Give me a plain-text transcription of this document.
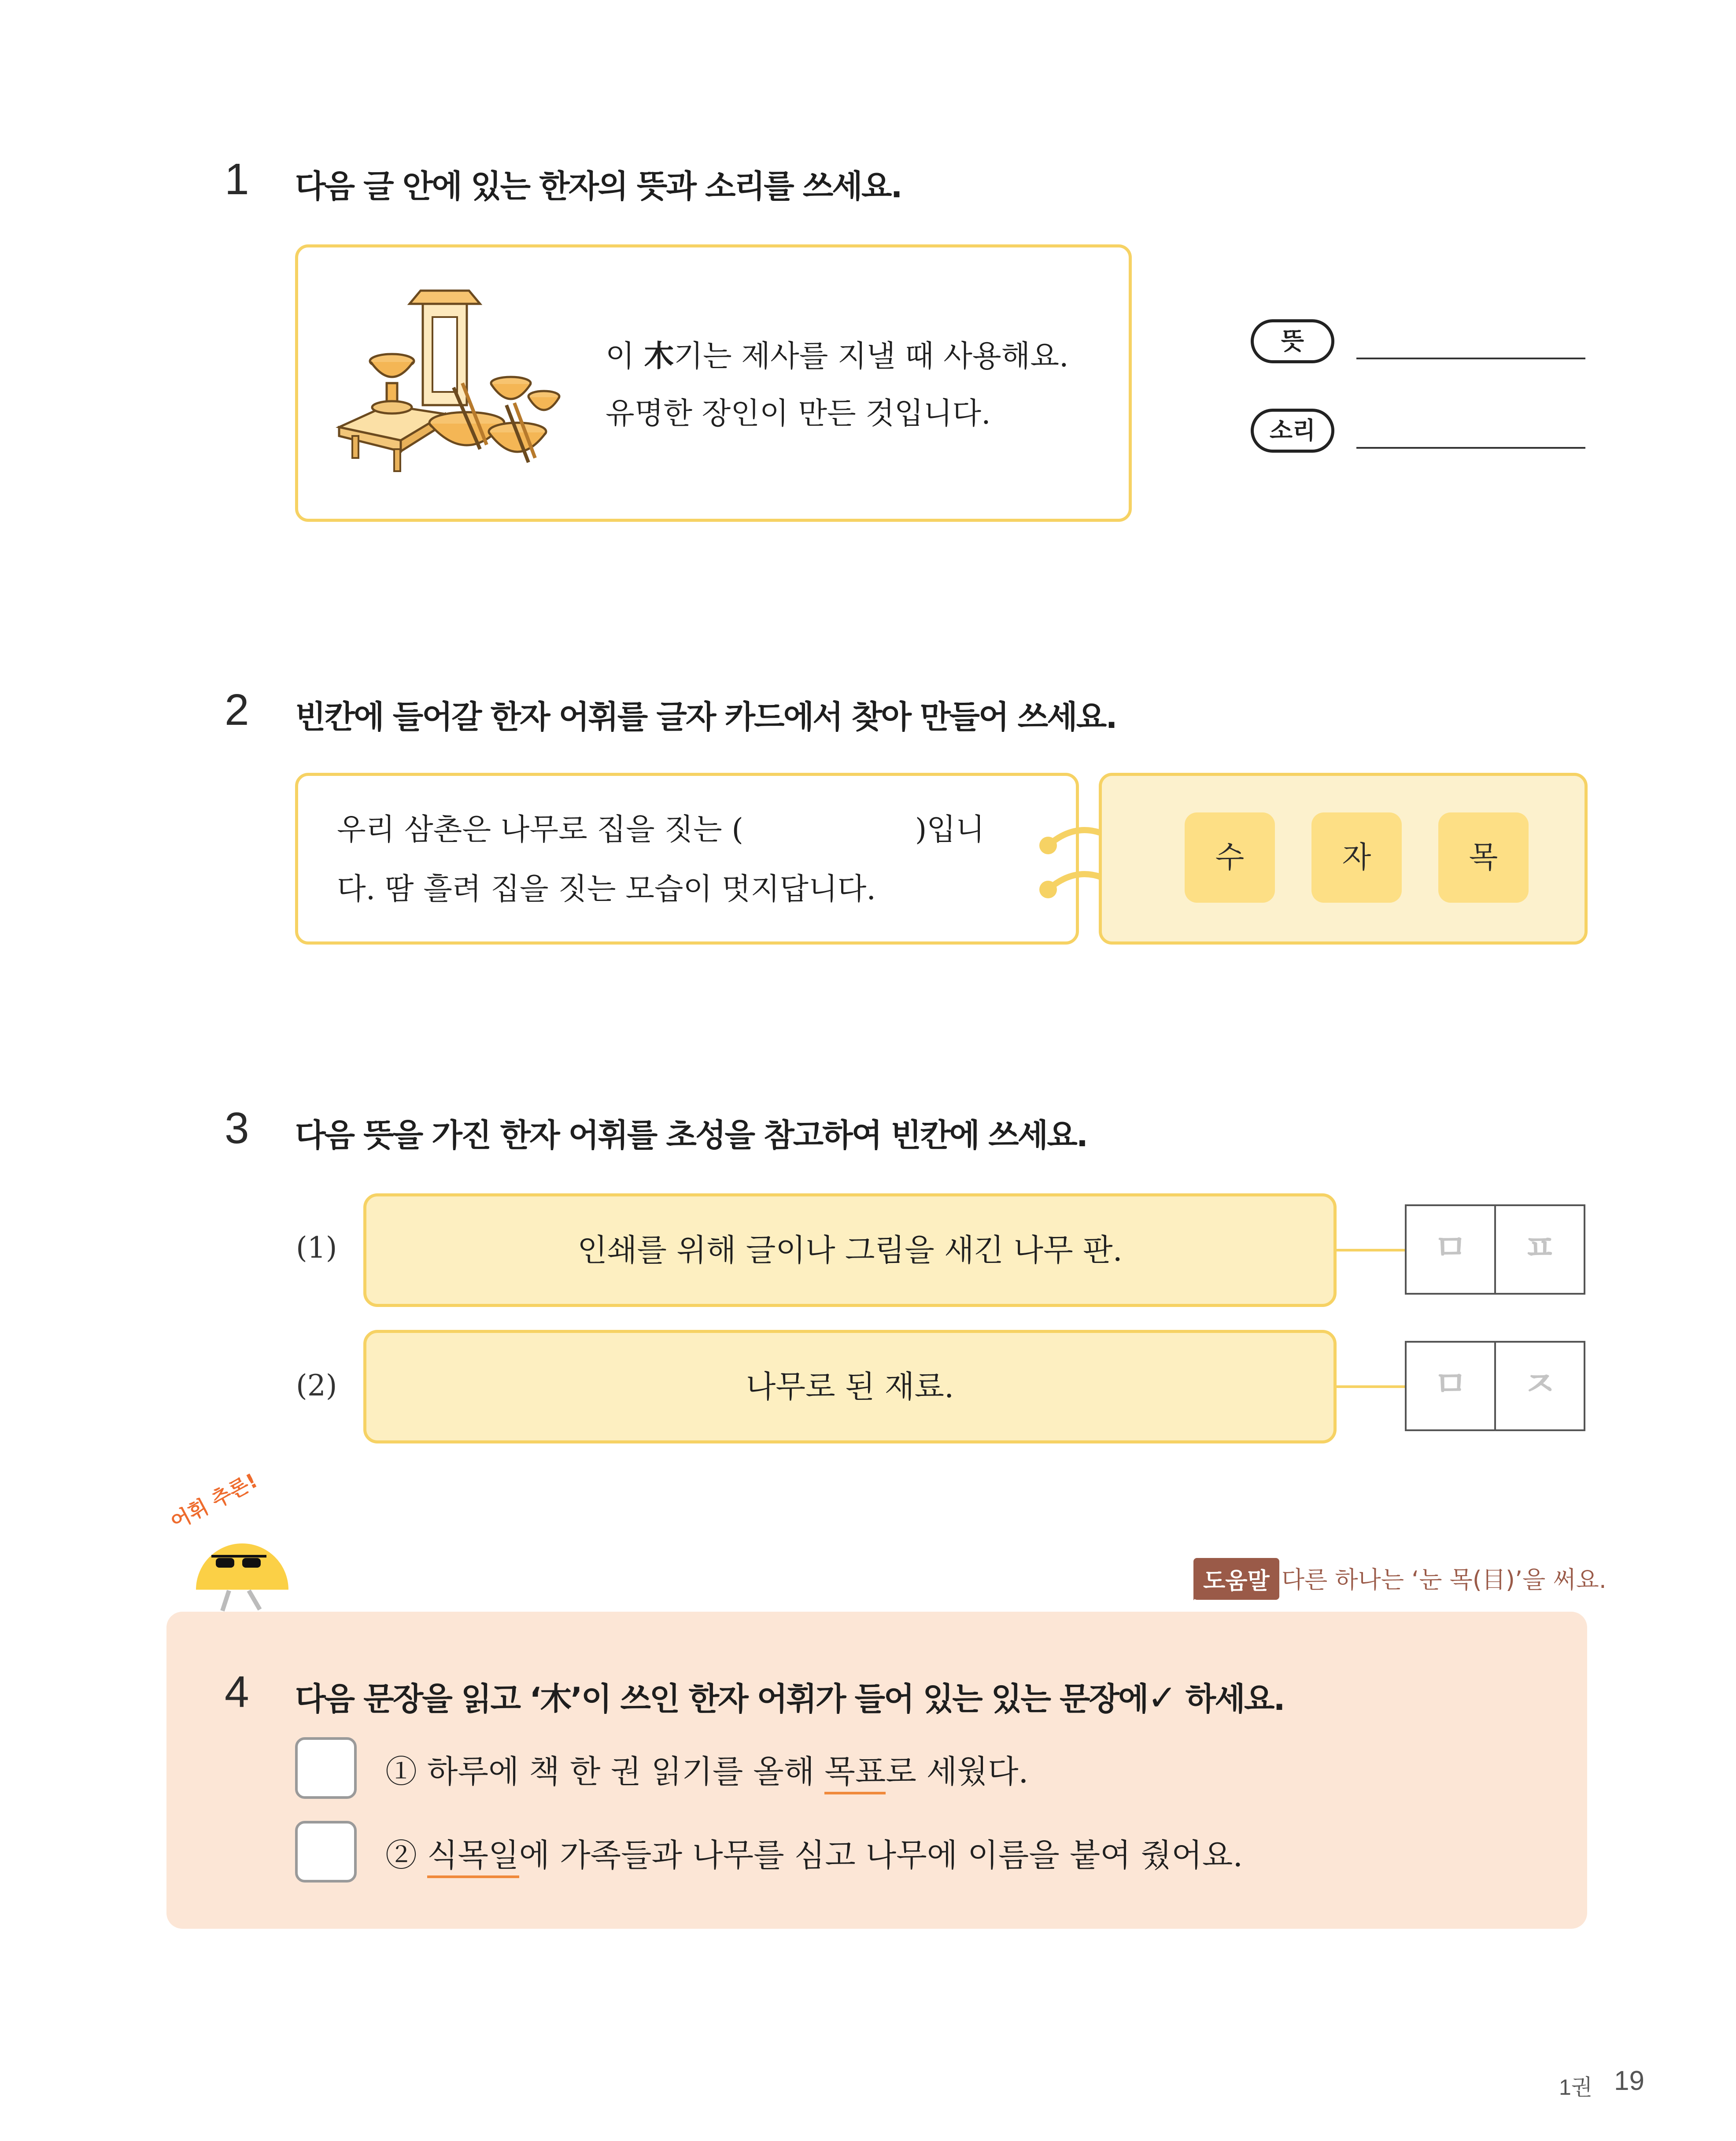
1 다음 글 안에 있는 한자의 뜻과 소리를 쓰세요.
이 木기는 제사를 지낼 때 사용해요.
유명한 장인이 만든 것입니다.
뜻
소리
2 빈칸에 들어갈 한자 어휘를 글자 카드에서 찾아 만들어 쓰세요.
우리 삼촌은 나무로 집을 짓는 (	)입니
다. 땀 흘려 집을 짓는 모습이 멋지답니다.
수	자	목
3 다음 뜻을 가진 한자 어휘를 초성을 참고하여 빈칸에 쓰세요.
(1)	인쇄를 위해 글이나 그림을 새긴 나무 판.	ㅁ	ㅍ
(2)	나무로 된 재료.	ㅁ	ㅈ
어휘 추론!
도움말 다른 하나는 ‘눈 목(目)’을 써요.
4 다음 문장을 읽고 ‘木’이 쓰인 한자 어휘가 들어 있는 있는 문장에✓ 하세요.
① 하루에 책 한 권 읽기를 올해 목표로 세웠다.
② 식목일에 가족들과 나무를 심고 나무에 이름을 붙여 줬어요.
1권 19
